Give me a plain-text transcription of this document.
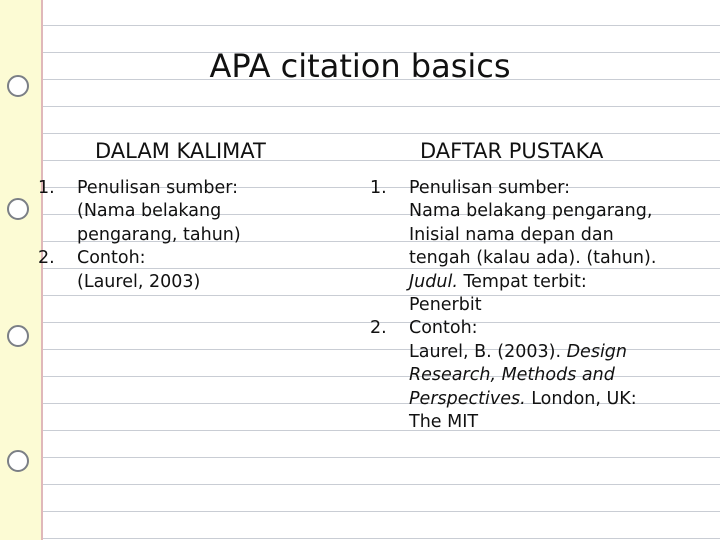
APA citation basics
DALAM KALIMAT	DAFTAR PUSTAKA
1. Penulisan sumber:
(Nama belakang
pengarang, tahun)
2. Contoh:
(Laurel, 2003)
1. Penulisan sumber:
Nama belakang pengarang,
Inisial nama depan dan
tengah (kalau ada). (tahun).
Judul. Tempat terbit:
Penerbit
2. Contoh:
Laurel, B. (2003). Design
Research, Methods and
Perspectives. London, UK:
The MIT
